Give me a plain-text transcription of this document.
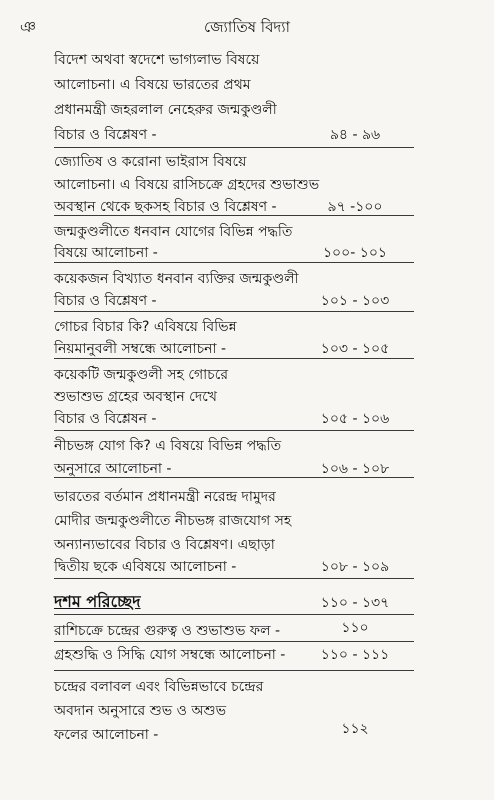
ঞ	জ্যোতিষ বিদ্যা
বিদেশ অথবা স্বদেশে ভাগ্যলাভ বিষয়ে
আলোচনা। এ বিষয়ে ভারতের প্রথম
প্রধানমন্ত্রী জহরলাল নেহেরুর জন্মকুণ্ডলী
বিচার ও বিশ্লেষণ -	৯৪ - ৯৬
জ্যোতিষ ও করোনা ভাইরাস বিষয়ে
আলোচনা। এ বিষয়ে রাসিচক্রে গ্রহদের শুভাশুভ
অবস্থান থেকে ছকসহ বিচার ও বিশ্লেষণ -	৯৭ -১০০
জন্মকুণ্ডলীতে ধনবান যোগের বিভিন্ন পদ্ধতি
বিষয়ে আলোচনা -	১০০- ১০১
কয়েকজন বিখ্যাত ধনবান ব্যক্তির জন্মকুণ্ডলী
বিচার ও বিশ্লেষণ -	১০১ - ১০৩
গোচর বিচার কি? এবিষয়ে বিভিন্ন
নিয়মানুবলী সম্বন্ধে আলোচনা -	১০৩ - ১০৫
কয়েকটি জন্মকুণ্ডলী সহ গোচরে
শুভাশুভ গ্রহের অবস্থান দেখে
বিচার ও বিশ্লেষন -	১০৫ - ১০৬
নীচভঙ্গ যোগ কি? এ বিষয়ে বিভিন্ন পদ্ধতি
অনুসারে আলোচনা -	১০৬ - ১০৮
ভারতের বর্তমান প্রধানমন্ত্রী নরেন্দ্র দামুদর
মোদীর জন্মকুণ্ডলীতে নীচভঙ্গ রাজযোগ সহ
অন্যান্যভাবের বিচার ও বিশ্লেষণ। এছাড়া
দ্বিতীয় ছকে এবিষয়ে আলোচনা -	১০৮ - ১০৯
দশম পরিচ্ছেদ	১১০ - ১৩৭
রাশিচক্রে চন্দ্রের গুরুত্ব ও শুভাশুভ ফল -	১১০
গ্রহশুদ্ধি ও সিদ্ধি যোগ সম্বন্ধে আলোচনা -	১১০ - ১১১
চন্দ্রের বলাবল এবং বিভিন্নভাবে চন্দ্রের
অবদান অনুসারে শুভ ও অশুভ
ফলের আলোচনা -	১১২
